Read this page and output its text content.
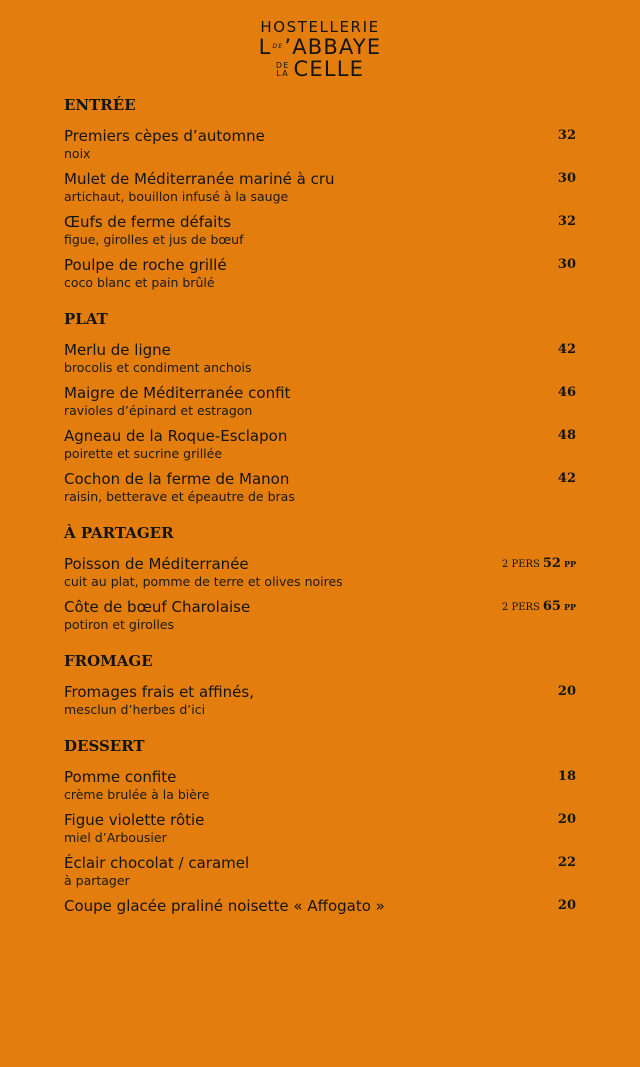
HOSTELLERIE
LDE’ABBAYE
DE
LA CELLE
ENTRÉE
Premiers cèpes d’automne
noix
32
Mulet de Méditerranée mariné à cru
artichaut, bouillon infusé à la sauge
30
Œufs de ferme défaits
figue, girolles et jus de bœuf
32
Poulpe de roche grillé
coco blanc et pain brûlé
30
PLAT
Merlu de ligne
brocolis et condiment anchois
42
Maigre de Méditerranée confit
ravioles d’épinard et estragon
46
Agneau de la Roque-Esclapon
poirette et sucrine grillée
48
Cochon de la ferme de Manon
raisin, betterave et épeautre de bras
42
À PARTAGER
Poisson de Méditerranée
cuit au plat, pomme de terre et olives noires
2 PERS 52 PP
Côte de bœuf Charolaise
potiron et girolles
2 PERS 65 PP
FROMAGE
Fromages frais et affinés,
mesclun d’herbes d’ici
20
DESSERT
Pomme confite
crème brulée à la bière
18
Figue violette rôtie
miel d’Arbousier
20
Éclair chocolat / caramel
à partager
22
Coupe glacée praliné noisette « Affogato »	20
